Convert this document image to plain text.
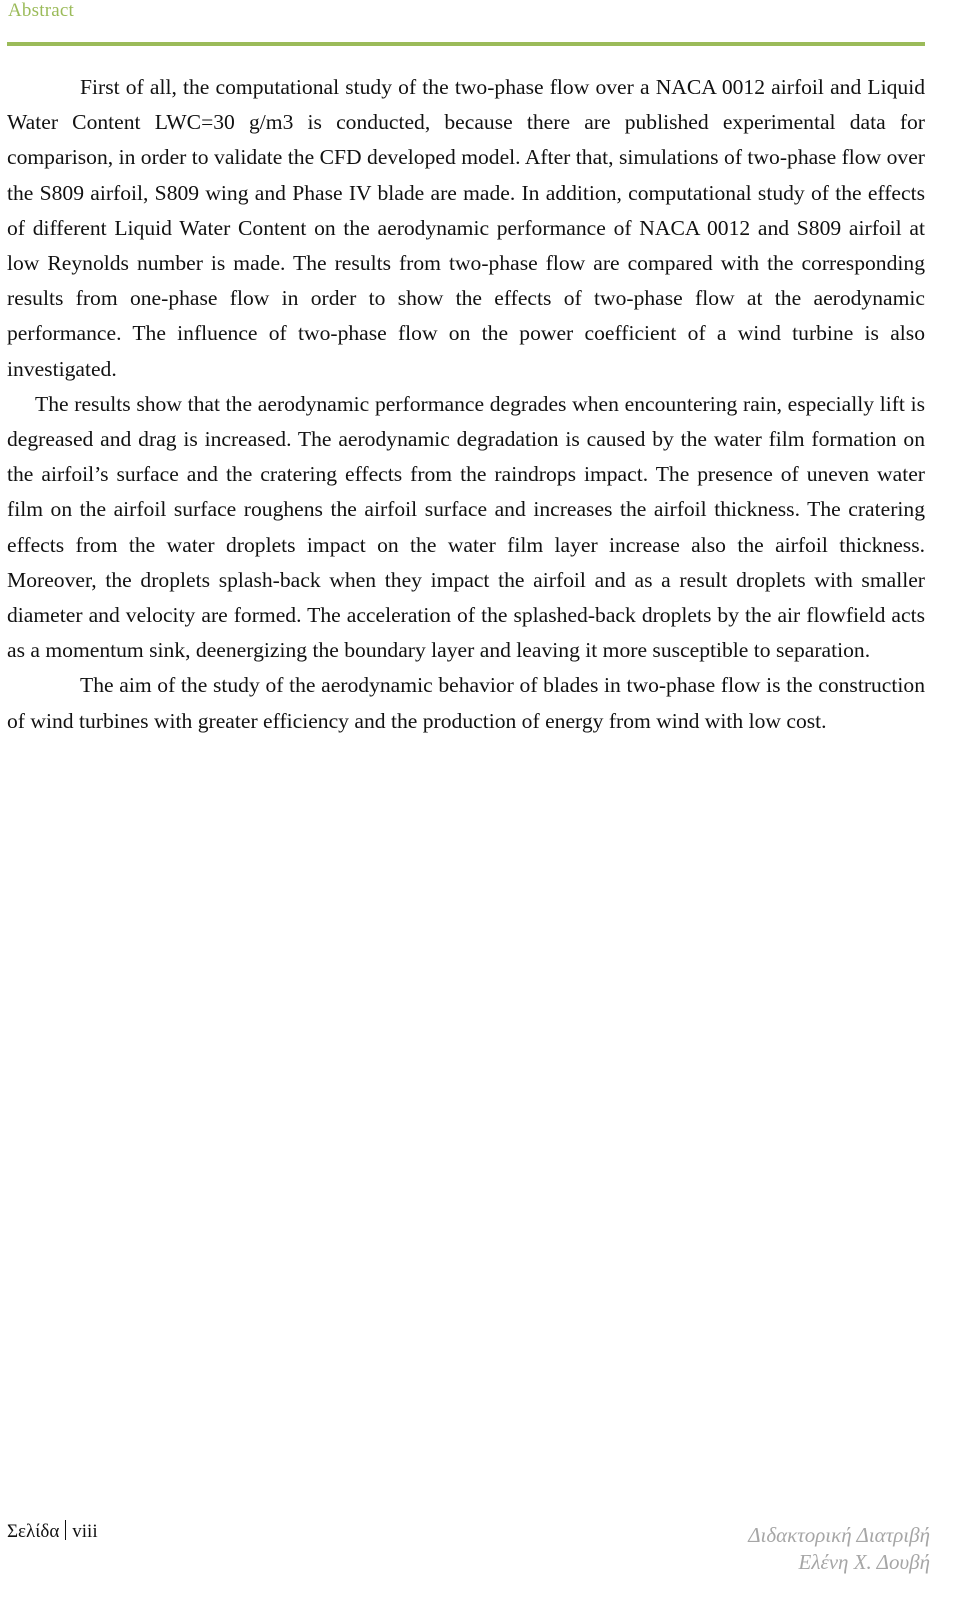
Abstract

First of all, the computational study of the two-phase flow over a NACA 0012 airfoil and Liquid Water Content LWC=30 g/m3 is conducted, because there are published experimental data for comparison, in order to validate the CFD developed model. After that, simulations of two-phase flow over the S809 airfoil, S809 wing and Phase IV blade are made. In addition, computational study of the effects of different Liquid Water Content on the aerodynamic performance of NACA 0012 and S809 airfoil at low Reynolds number is made. The results from two-phase flow are compared with the corresponding results from one-phase flow in order to show the effects of two-phase flow at the aerodynamic performance. The influence of two-phase flow on the power coefficient of a wind turbine is also investigated.

The results show that the aerodynamic performance degrades when encountering rain, especially lift is degreased and drag is increased. The aerodynamic degradation is caused by the water film formation on the airfoil’s surface and the cratering effects from the raindrops impact. The presence of uneven water film on the airfoil surface roughens the airfoil surface and increases the airfoil thickness. The cratering effects from the water droplets impact on the water film layer increase also the airfoil thickness. Moreover, the droplets splash-back when they impact the airfoil and as a result droplets with smaller diameter and velocity are formed. The acceleration of the splashed-back droplets by the air flowfield acts as a momentum sink, deenergizing the boundary layer and leaving it more susceptible to separation.

The aim of the study of the aerodynamic behavior of blades in two-phase flow is the construction of wind turbines with greater efficiency and the production of energy from wind with low cost.

Σελίδα viii	Διδακτορική Διατριβή
Ελένη Χ. Δουβή
